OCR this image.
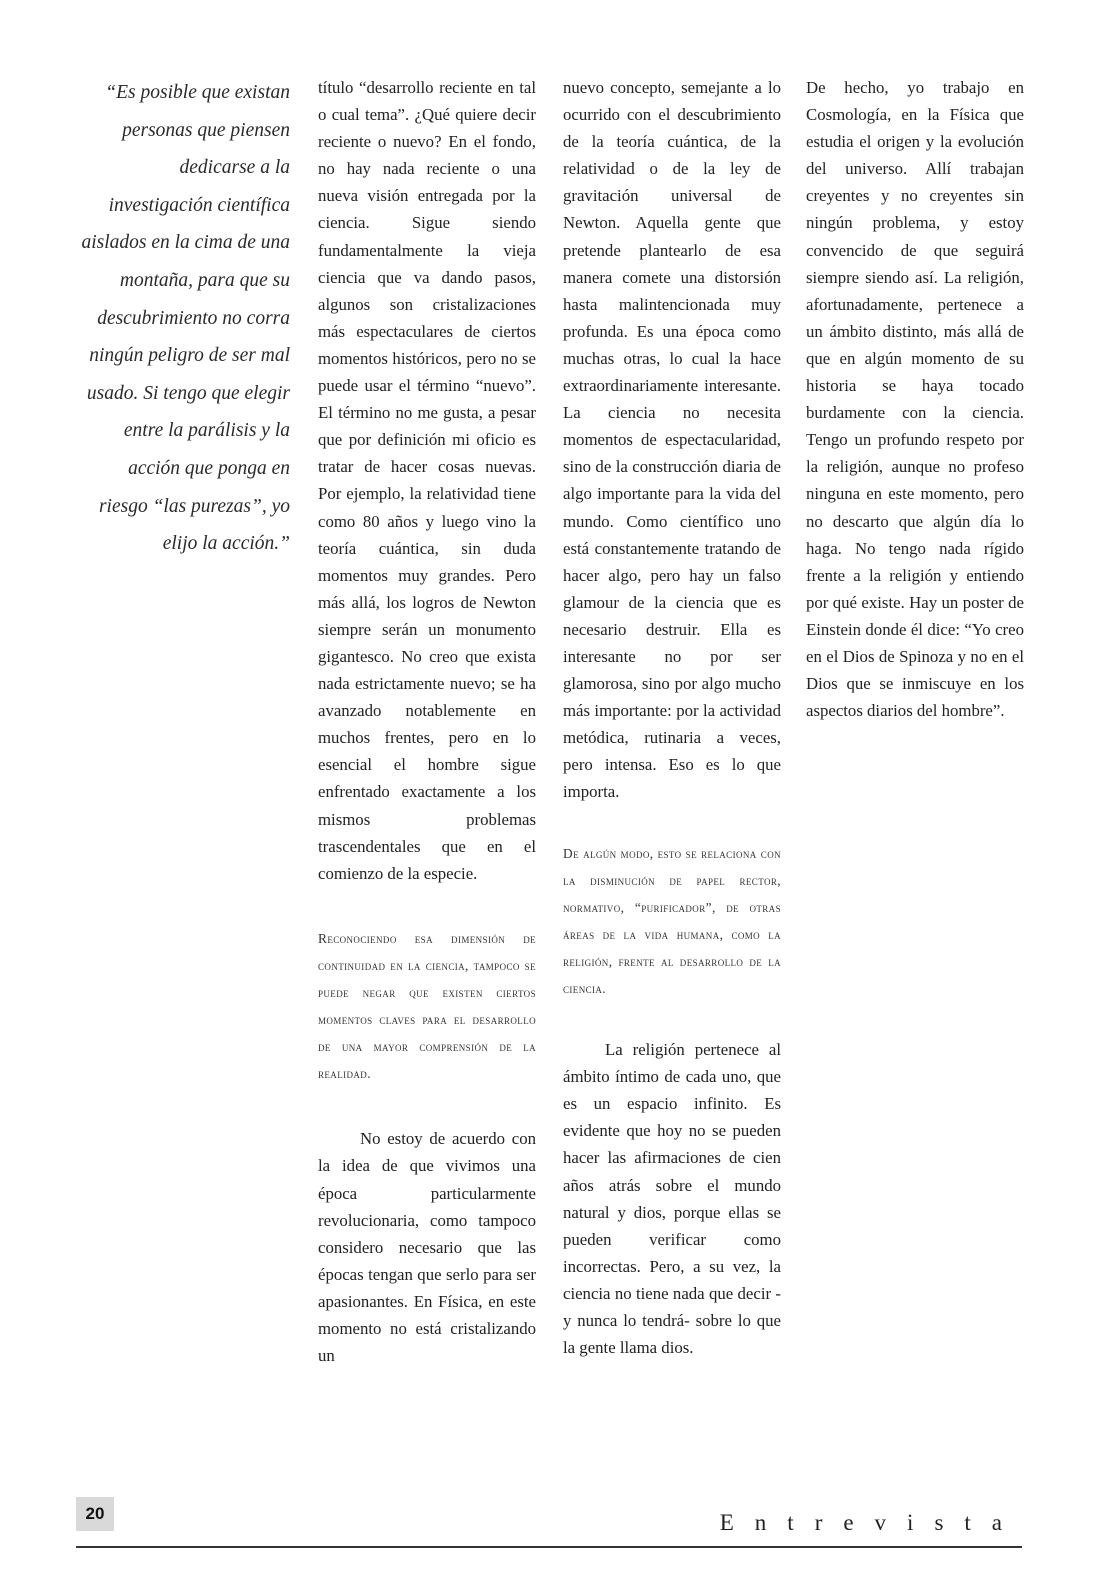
“Es posible que existan personas que piensen dedicarse a la investigación científica aislados en la cima de una montaña, para que su descubrimiento no corra ningún peligro de ser mal usado. Si tengo que elegir entre la parálisis y la acción que ponga en riesgo “las purezas”, yo elijo la acción.”

título “desarrollo reciente en tal o cual tema”. ¿Qué quiere decir reciente o nuevo? En el fondo, no hay nada reciente o una nueva visión entregada por la ciencia. Sigue siendo fundamentalmente la vieja ciencia que va dando pasos, algunos son cristalizaciones más espectaculares de ciertos momentos históricos, pero no se puede usar el término “nuevo”. El término no me gusta, a pesar que por definición mi oficio es tratar de hacer cosas nuevas. Por ejemplo, la relatividad tiene como 80 años y luego vino la teoría cuántica, sin duda momentos muy grandes. Pero más allá, los logros de Newton siempre serán un monumento gigantesco. No creo que exista nada estrictamente nuevo; se ha avanzado notablemente en muchos frentes, pero en lo esencial el hombre sigue enfrentado exactamente a los mismos problemas trascendentales que en el comienzo de la especie.

Reconociendo esa dimensión de continuidad en la ciencia, tampoco se puede negar que existen ciertos momentos claves para el desarrollo de una mayor comprensión de la realidad.

No estoy de acuerdo con la idea de que vivimos una época particularmente revolucionaria, como tampoco considero necesario que las épocas tengan que serlo para ser apasionantes. En Física, en este momento no está cristalizando un

nuevo concepto, semejante a lo ocurrido con el descubrimiento de la teoría cuántica, de la relatividad o de la ley de gravitación universal de Newton. Aquella gente que pretende plantearlo de esa manera comete una distorsión hasta malintencionada muy profunda. Es una época como muchas otras, lo cual la hace extraordinariamente interesante. La ciencia no necesita momentos de espectacularidad, sino de la construcción diaria de algo importante para la vida del mundo. Como científico uno está constantemente tratando de hacer algo, pero hay un falso glamour de la ciencia que es necesario destruir. Ella es interesante no por ser glamorosa, sino por algo mucho más importante: por la actividad metódica, rutinaria a veces, pero intensa. Eso es lo que importa.

De algún modo, esto se relaciona con la disminución de papel rector, normativo, “purificador”, de otras áreas de la vida humana, como la religión, frente al desarrollo de la ciencia.

La religión pertenece al ámbito íntimo de cada uno, que es un espacio infinito. Es evidente que hoy no se pueden hacer las afirmaciones de cien años atrás sobre el mundo natural y dios, porque ellas se pueden verificar como incorrectas. Pero, a su vez, la ciencia no tiene nada que decir -y nunca lo tendrá- sobre lo que la gente llama dios.

De hecho, yo trabajo en Cosmología, en la Física que estudia el origen y la evolución del universo. Allí trabajan creyentes y no creyentes sin ningún problema, y estoy convencido de que seguirá siempre siendo así. La religión, afortunadamente, pertenece a un ámbito distinto, más allá de que en algún momento de su historia se haya tocado burdamente con la ciencia. Tengo un profundo respeto por la religión, aunque no profeso ninguna en este momento, pero no descarto que algún día lo haga. No tengo nada rígido frente a la religión y entiendo por qué existe. Hay un poster de Einstein donde él dice: “Yo creo en el Dios de Spinoza y no en el Dios que se inmiscuye en los aspectos diarios del hombre”.

20	Entrevista
